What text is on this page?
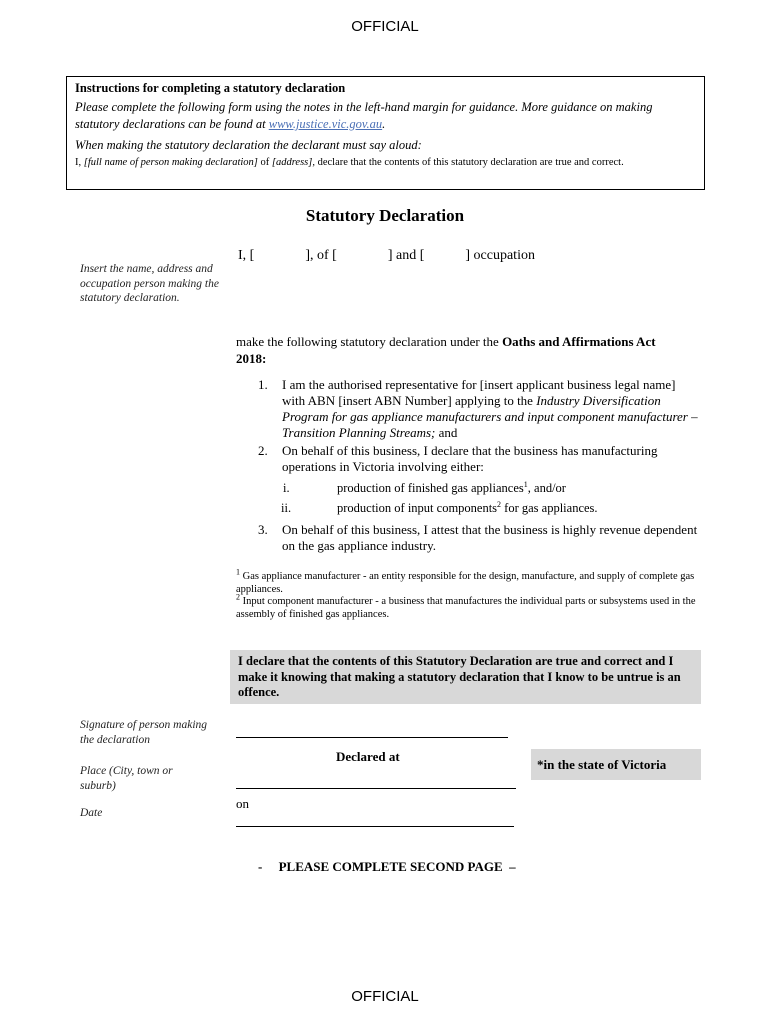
OFFICIAL

Instructions for completing a statutory declaration

Please complete the following form using the notes in the left-hand margin for guidance. More guidance on making statutory declarations can be found at www.justice.vic.gov.au.

When making the statutory declaration the declarant must say aloud:

I, [full name of person making declaration] of [address], declare that the contents of this statutory declaration are true and correct.

Statutory Declaration
Insert the name, address and occupation person making the statutory declaration.
I, [	], of [	] and [	] occupation
make the following statutory declaration under the Oaths and Affirmations Act 2018:
1.	I am the authorised representative for [insert applicant business legal name] with ABN [insert ABN Number] applying to the Industry Diversification Program for gas appliance manufacturers and input component manufacturer – Transition Planning Streams; and
2.	On behalf of this business, I declare that the business has manufacturing operations in Victoria involving either:
i.	production of finished gas appliances$^1$, and/or
ii.	production of input components$^2$ for gas appliances.
3.	On behalf of this business, I attest that the business is highly revenue dependent on the gas appliance industry.
$^1$ Gas appliance manufacturer - an entity responsible for the design, manufacture, and supply of complete gas appliances.
$^2$ Input component manufacturer - a business that manufactures the individual parts or subsystems used in the assembly of finished gas appliances.
I declare that the contents of this Statutory Declaration are true and correct and I make it knowing that making a statutory declaration that I know to be untrue is an offence.
Signature of person making the declaration
Place (City, town or suburb)
Date
Declared at
*in the state of Victoria
on
-     PLEASE COMPLETE SECOND PAGE  –
OFFICIAL
